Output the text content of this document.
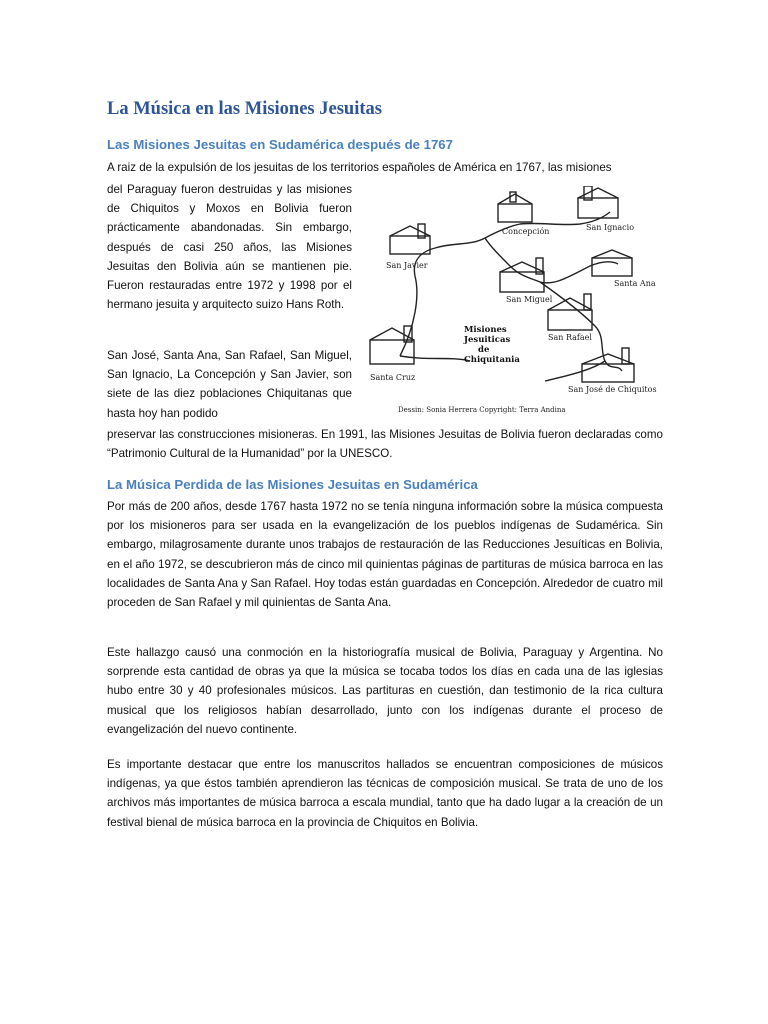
La Música en las Misiones Jesuitas
Las Misiones Jesuitas en Sudamérica después de 1767

A raiz de la expulsión de los jesuitas de los territorios españoles de América en 1767, las misiones

del Paraguay fueron destruidas y las misiones de Chiquitos y Moxos en Bolivia fueron prácticamente abandonadas. Sin embargo, después de casi 250 años, las Misiones Jesuitas den Bolivia aún se mantienen pie. Fueron restauradas entre 1972 y 1998 por el hermano jesuita y arquitecto suizo Hans Roth.

San José, Santa Ana, San Rafael, San Miguel, San Ignacio, La Concepción y San Javier, son siete de las diez poblaciones Chiquitanas que hasta hoy han podido

preservar las construcciones misioneras. En 1991, las Misiones Jesuitas de Bolivia fueron declaradas como “Patrimonio Cultural de la Humanidad” por la UNESCO.

Concepción	San Ignacio
San Javier
Santa Ana
San Miguel
San Rafael
Santa Cruz
San José de Chiquitos
Misiones
Jesuiticas
de
Chiquitania
Dessin: Sonia Herrera Copyright: Terra Andina
La Música Perdida de las Misiones Jesuitas en Sudamérica

Por más de 200 años, desde 1767 hasta 1972 no se tenía ninguna información sobre la música compuesta por los misioneros para ser usada en la evangelización de los pueblos indígenas de Sudamérica. Sin embargo, milagrosamente durante unos trabajos de restauración de las Reducciones Jesuíticas en Bolivia, en el año 1972, se descubrieron más de cinco mil quinientas páginas de partituras de música barroca en las localidades de Santa Ana y San Rafael. Hoy todas están guardadas en Concepción. Alrededor de cuatro mil proceden de San Rafael y mil quinientas de Santa Ana.

Este hallazgo causó una conmoción en la historiografía musical de Bolivia, Paraguay y Argentina. No sorprende esta cantidad de obras ya que la música se tocaba todos los días en cada una de las iglesias hubo entre 30 y 40 profesionales músicos. Las partituras en cuestión, dan testimonio de la rica cultura musical que los religiosos habían desarrollado, junto con los indígenas durante el proceso de evangelización del nuevo continente.

Es importante destacar que entre los manuscritos hallados se encuentran composiciones de músicos indígenas, ya que éstos también aprendieron las técnicas de composición musical. Se trata de uno de los archivos más importantes de música barroca a escala mundial, tanto que ha dado lugar a la creación de un festival bienal de música barroca en la provincia de Chiquitos en Bolivia.
